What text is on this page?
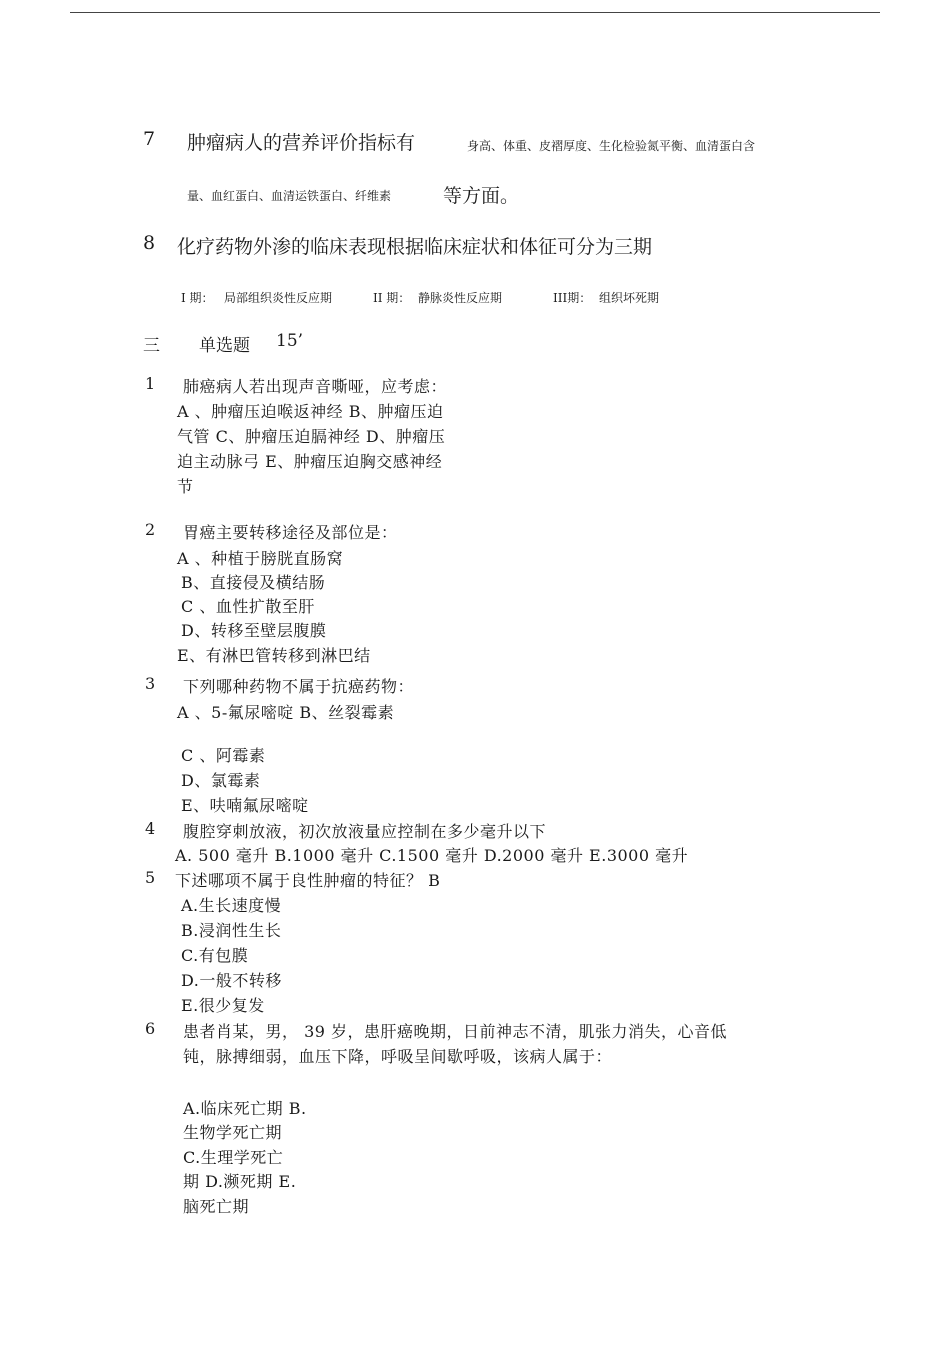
7 肿瘤病人的营养评价指标有	身高、体重、皮褶厚度、生化检验氮平衡、血清蛋白含
量、血红蛋白、血清运铁蛋白、纤维素	等方面。
8 化疗药物外渗的临床表现根据临床症状和体征可分为三期
I 期： 局部组织炎性反应期	II 期： 静脉炎性反应期	III期： 组织坏死期
三 单选题 15’
1 肺癌病人若出现声音嘶哑，应考虑：
A 、肿瘤压迫喉返神经 B、肿瘤压迫
气管 C、肿瘤压迫膈神经 D、肿瘤压
迫主动脉弓 E、肿瘤压迫胸交感神经
节
2 胃癌主要转移途径及部位是：
A 、种植于膀胱直肠窝
B、直接侵及横结肠
C 、血性扩散至肝
D、转移至壁层腹膜
E、有淋巴管转移到淋巴结
3 下列哪种药物不属于抗癌药物：
A 、5-氟尿嘧啶 B、丝裂霉素
C 、阿霉素
D、氯霉素
E、呋喃氟尿嘧啶
4 腹腔穿刺放液，初次放液量应控制在多少毫升以下
A. 500 毫升 B.1000 毫升 C.1500 毫升 D.2000 毫升 E.3000 毫升
5 下述哪项不属于良性肿瘤的特征？ B
A.生长速度慢
B.浸润性生长
C.有包膜
D.一般不转移
E.很少复发
6 患者肖某，男， 39 岁，患肝癌晚期，日前神志不清，肌张力消失，心音低
钝，脉搏细弱，血压下降，呼吸呈间歇呼吸，该病人属于：
A.临床死亡期 B.
生物学死亡期
C.生理学死亡
期 D.濒死期 E.
脑死亡期
